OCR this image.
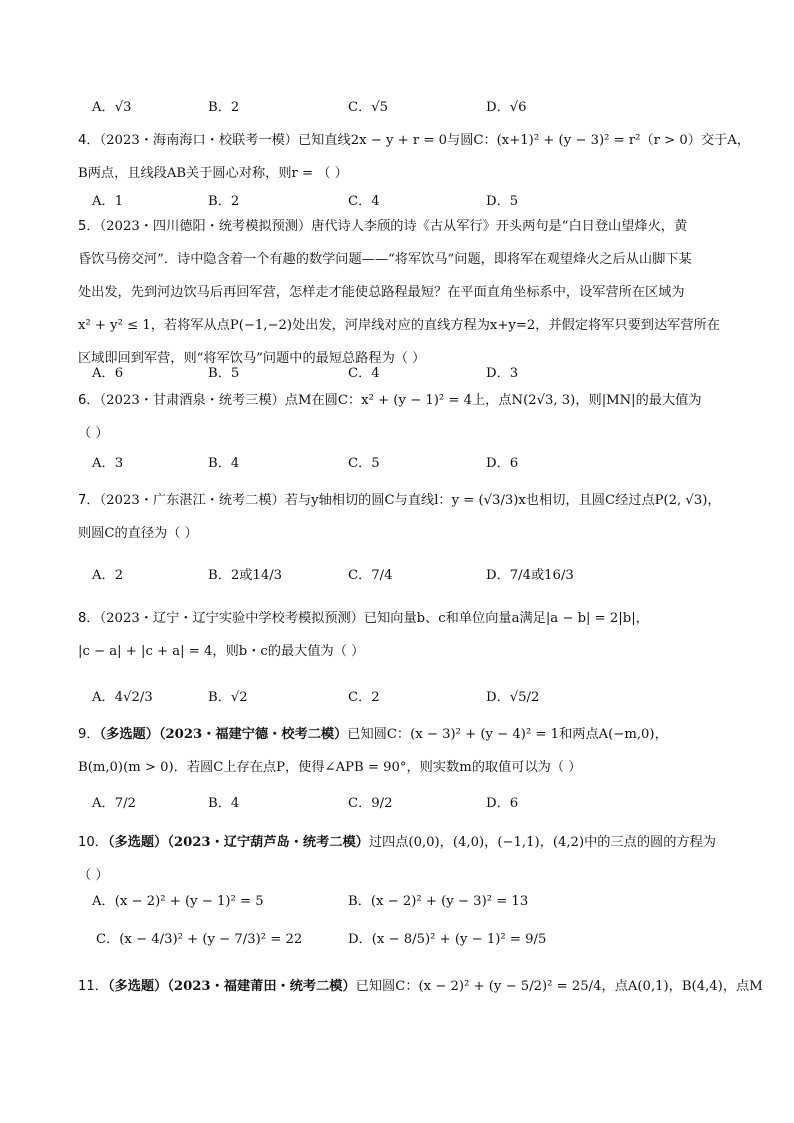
A．√3	B．2	C．√5	D．√6
4．（2023・海南海口・校联考一模）已知直线2x − y + r = 0与圆C：(x+1)² + (y − 3)² = r²（r > 0）交于A，
B两点，且线段AB关于圆心对称，则r = （ ）
A．1	B．2	C．4	D．5
5．（2023・四川德阳・统考模拟预测）唐代诗人李颀的诗《古从军行》开头两句是“白日登山望烽火，黄
昏饮马傍交河”．诗中隐含着一个有趣的数学问题——“将军饮马”问题，即将军在观望烽火之后从山脚下某
处出发，先到河边饮马后再回军营，怎样走才能使总路程最短？在平面直角坐标系中，设军营所在区域为
x² + y² ≤ 1，若将军从点P(−1,−2)处出发，河岸线对应的直线方程为x+y=2，并假定将军只要到达军营所在
区域即回到军营，则“将军饮马”问题中的最短总路程为（ ）
A．6	B．5	C．4	D．3
6．（2023・甘肃酒泉・统考三模）点M在圆C：x² + (y − 1)² = 4上，点N(2√3, 3)，则|MN|的最大值为
（ ）
A．3	B．4	C．5	D．6
7．（2023・广东湛江・统考二模）若与y轴相切的圆C与直线l：y = (√3/3)x也相切，且圆C经过点P(2, √3)，
则圆C的直径为（ ）
A．2	B．2或14/3	C．7/4	D．7/4或16/3
8．（2023・辽宁・辽宁实验中学校考模拟预测）已知向量b、c和单位向量a满足|a − b| = 2|b|，
|c − a| + |c + a| = 4，则b・c的最大值为（ ）
A．4√2/3	B．√2	C．2	D．√5/2
9．（多选题）（2023・福建宁德・校考二模）已知圆C：(x − 3)² + (y − 4)² = 1和两点A(−m,0)，
B(m,0)(m > 0)．若圆C上存在点P，使得∠APB = 90°，则实数m的取值可以为（ ）
A．7/2	B．4	C．9/2	D．6
10．（多选题）（2023・辽宁葫芦岛・统考二模）过四点(0,0)，(4,0)，(−1,1)，(4,2)中的三点的圆的方程为
（ ）
A．(x − 2)² + (y − 1)² = 5	B．(x − 2)² + (y − 3)² = 13
C．(x − 4/3)² + (y − 7/3)² = 22	D．(x − 8/5)² + (y − 1)² = 9/5
11．（多选题）（2023・福建莆田・统考二模）已知圆C：(x − 2)² + (y − 5/2)² = 25/4，点A(0,1)，B(4,4)，点M
